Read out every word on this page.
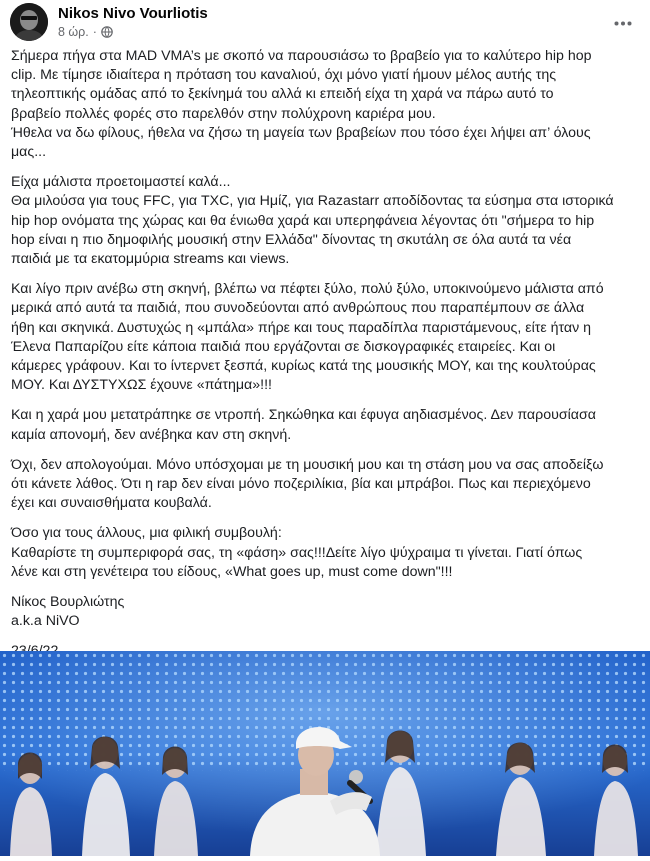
Nikos Nivo Vourliotis
8 ώρ. ·

Σήμερα πήγα στα MAD VMA’s με σκοπό να παρουσιάσω το βραβείο για το καλύτερο hip hop
clip. Με τίμησε ιδιαίτερα η πρόταση του καναλιού, όχι μόνο γιατί ήμουν μέλος αυτής της
τηλεοπτικής ομάδας από το ξεκίνημά του αλλά κι επειδή είχα τη χαρά να πάρω αυτό το
βραβείο πολλές φορές στο παρελθόν στην πολύχρονη καριέρα μου.
Ήθελα να δω φίλους, ήθελα να ζήσω τη μαγεία των βραβείων που τόσο έχει λήψει απ’ όλους
μας...

Είχα μάλιστα προετοιμαστεί καλά...
Θα μιλούσα για τους FFC, για TXC, για Ημίζ, για Razastarr αποδίδοντας τα εύσημα στα ιστορικά
hip hop ονόματα της χώρας και θα ένιωθα χαρά και υπερηφάνεια λέγοντας ότι "σήμερα το hip
hop είναι η πιο δημοφιλής μουσική στην Ελλάδα" δίνοντας τη σκυτάλη σε όλα αυτά τα νέα
παιδιά με τα εκατομμύρια streams και views.

Και λίγο πριν ανέβω στη σκηνή, βλέπω να πέφτει ξύλο, πολύ ξύλο, υποκινούμενο μάλιστα από
μερικά από αυτά τα παιδιά, που συνοδεύονται από ανθρώπους που παραπέμπουν σε άλλα
ήθη και σκηνικά. Δυστυχώς η «μπάλα» πήρε και τους παραδίπλα παριστάμενους, είτε ήταν η
Έλενα Παπαρίζου είτε κάποια παιδιά που εργάζονται σε δισκογραφικές εταιρείες. Και οι
κάμερες γράφουν. Και το ίντερνετ ξεσπά, κυρίως κατά της μουσικής ΜΟΥ, και της κουλτούρας
ΜΟΥ. Και ΔΥΣΤΥΧΩΣ έχουνε «πάτημα»!!!

Και η χαρά μου μετατράπηκε σε ντροπή. Σηκώθηκα και έφυγα αηδιασμένος. Δεν παρουσίασα
καμία απονομή, δεν ανέβηκα καν στη σκηνή.

Όχι, δεν απολογούμαι. Μόνο υπόσχομαι με τη μουσική μου και τη στάση μου να σας αποδείξω
ότι κάνετε λάθος. Ότι η rap δεν είναι μόνο ποζεριλίκια, βία και μπράβοι. Πως και περιεχόμενο
έχει και συναισθήματα κουβαλά.

Όσο για τους άλλους, μια φιλική συμβουλή:
Καθαρίστε τη συμπεριφορά σας, τη «φάση» σας!!!Δείτε λίγο ψύχραιμα τι γίνεται. Γιατί όπως
λένε και στη γενέτειρα του είδους, «What goes up, must come down"!!!

Νίκος Βουρλιώτης
a.k.a NiVO
